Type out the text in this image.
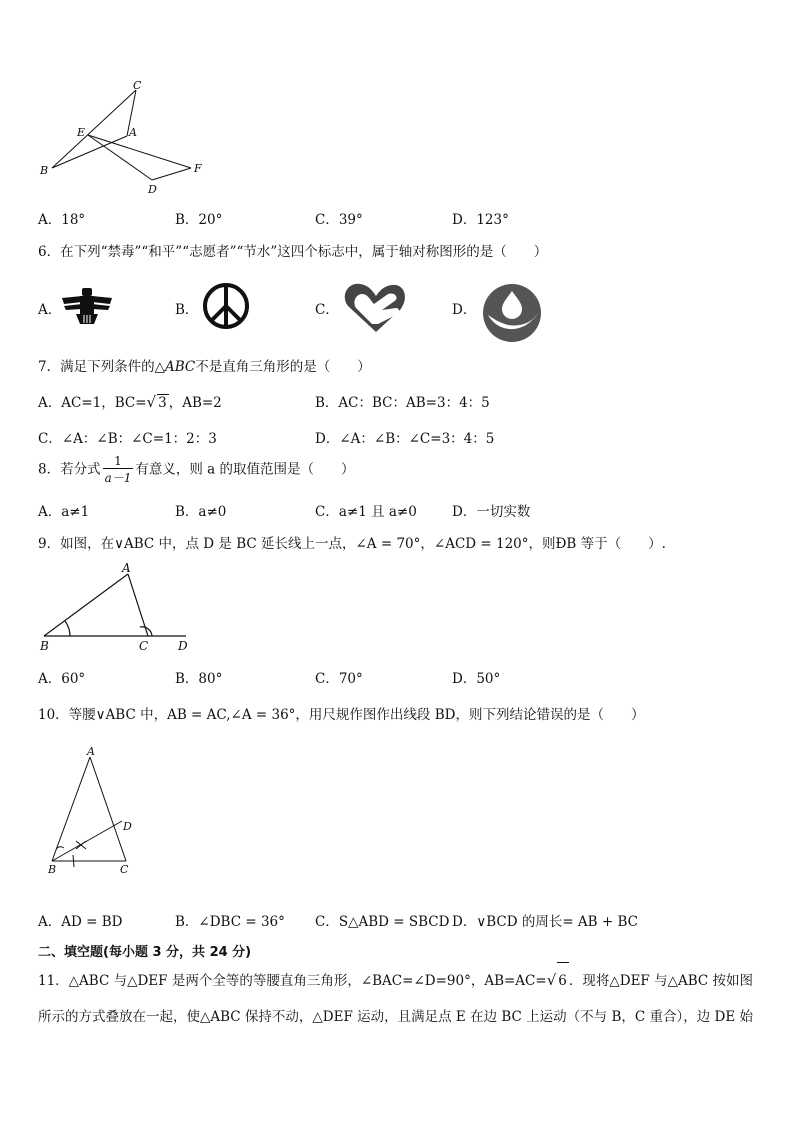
C
E	A
B
D
F
A．18°	B．20°	C．39°	D．123°
6．在下列“禁毒”“和平”“志愿者”“节水”这四个标志中，属于轴对称图形的是（　　）
A．	B．	C．	D．
7．满足下列条件的△ABC不是直角三角形的是（　　）
A．AC=1，BC=√ 3 ，AB=2	B．AC：BC：AB=3：4：5
C．∠A：∠B：∠C=1：2：3	D．∠A：∠B：∠C=3：4：5
8．若分式 $\frac{1}{a-1}$ 有意义，则 a 的取值范围是（　　）
A．a≠1	B．a≠0	C．a≠1 且 a≠0	D．一切实数
9．如图，在∨ABC 中，点 D 是 BC 延长线上一点，∠A = 70°，∠ACD = 120°，则ÐB 等于（　　）.
A
B	C D
A．60°	B．80°	C．70°	D．50°
10．等腰∨ABC 中，AB = AC,∠A = 36°，用尺规作图作出线段 BD，则下列结论错误的是（　　）
A
B	C
D
A．AD = BD	B．∠DBC = 36° C．S△ABD = SBCD D．∨BCD 的周长= AB + BC
二、填空题(每小题 3 分，共 24 分)
11．△ABC 与△DEF 是两个全等的等腰直角三角形，∠BAC=∠D=90°，AB=AC=√ 6 ．现将△DEF 与△ABC 按如图
所示的方式叠放在一起，使△ABC 保持不动，△DEF 运动，且满足点 E 在边 BC 上运动（不与 B，C 重合），边 DE 始
